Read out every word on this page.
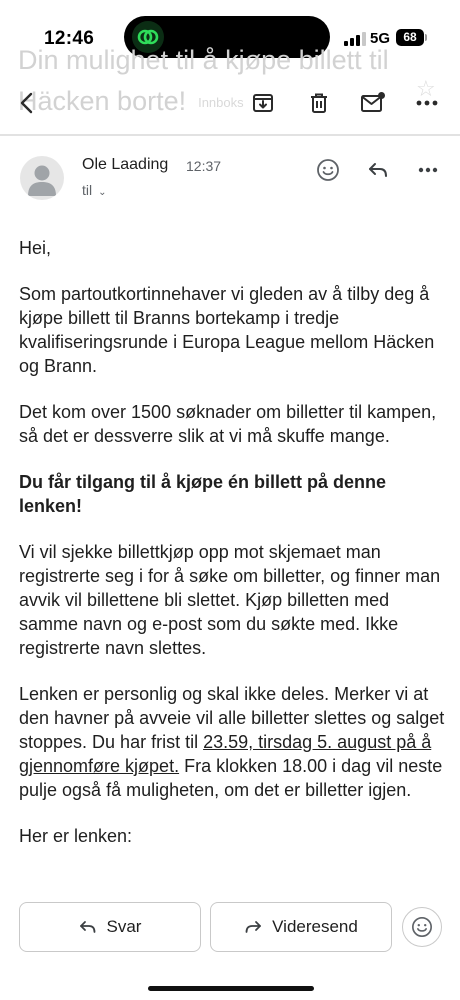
12:46	5G	68
Din mulighet til å kjøpe billett til Häcken borte! Innboks
☆
Ole Laading 12:37
til ⌄

Hei,

Som partoutkortinnehaver vi gleden av å tilby deg å kjøpe billett til Branns bortekamp i tredje kvalifiseringsrunde i Europa League mellom Häcken og Brann.

Det kom over 1500 søknader om billetter til kampen, så det er dessverre slik at vi må skuffe mange.

Du får tilgang til å kjøpe én billett på denne lenken!

Vi vil sjekke billettkjøp opp mot skjemaet man registrerte seg i for å søke om billetter, og finner man avvik vil billettene bli slettet. Kjøp billetten med samme navn og e-post som du søkte med. Ikke registrerte navn slettes.

Lenken er personlig og skal ikke deles. Merker vi at den havner på avveie vil alle billetter slettes og salget stoppes. Du har frist til 23.59, tirsdag 5. august på å gjennomføre kjøpet. Fra klokken 18.00 i dag vil neste pulje også få muligheten, om det er billetter igjen.

Her er lenken:

Svar	Videresend
